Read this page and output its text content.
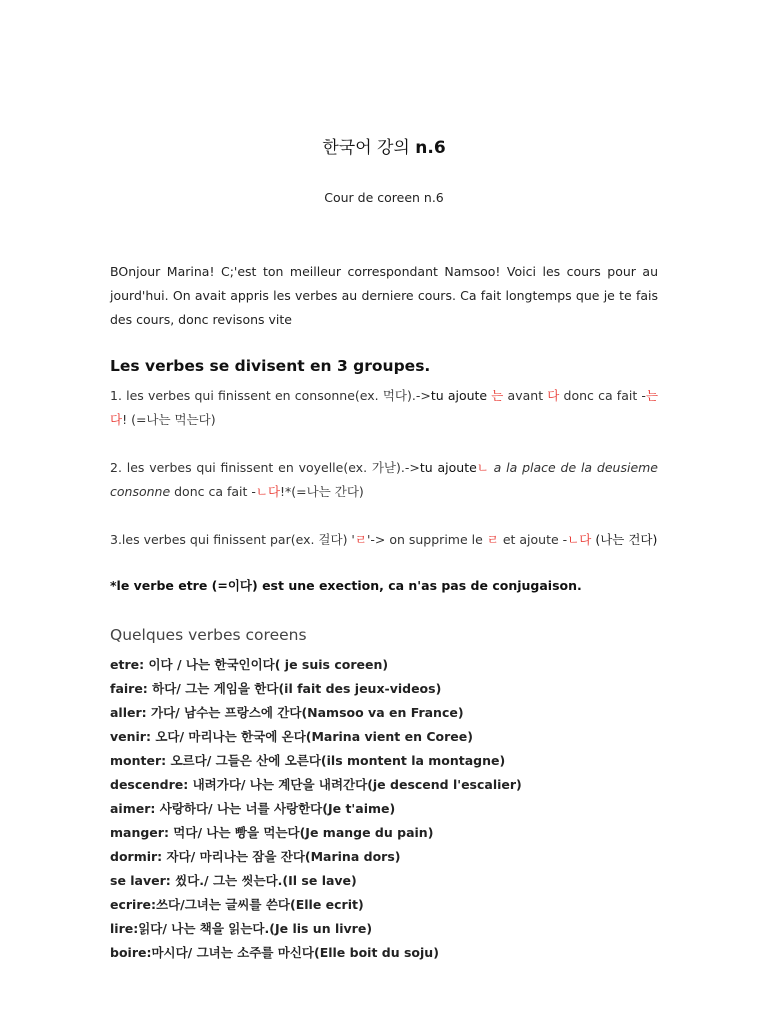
한국어 강의 n.6
Cour de coreen n.6
BOnjour Marina! C;'est ton meilleur correspondant Namsoo! Voici les cours pour au jourd'hui. On avait appris les verbes au derniere cours. Ca fait longtemps que je te fais des cours, donc revisons vite
Les verbes se divisent en 3 groupes.
1. les verbes qui finissent en consonne(ex. 먹다).->tu ajoute 는 avant 다 donc ca fait -는다! (=나는 먹는다)
2. les verbes qui finissent en voyelle(ex. 가낟).->tu ajouteㄴ a la place de la deusieme consonne donc ca fait -ㄴ다!*(=나는 간다)
3.les verbes qui finissent par(ex. 걸다) 'ㄹ'-> on supprime le ㄹ et ajoute -ㄴ다 (나는 건다)
*le verbe etre (=이다) est une exection, ca n'as pas de conjugaison.
Quelques verbes coreens
etre: 이다 / 나는 한국인이다( je suis coreen)
faire: 하다/ 그는 게임을 한다(il fait des jeux-videos)
aller: 가다/ 남수는 프랑스에 간다(Namsoo va en France)
venir: 오다/ 마리나는 한국에 온다(Marina vient en Coree)
monter: 오르다/ 그들은 산에 오른다(ils montent la montagne)
descendre: 내려가다/ 나는 계단을 내려간다(je descend l'escalier)
aimer: 사랑하다/ 나는 너를 사랑한다(Je t'aime)
manger: 먹다/ 나는 빵을 먹는다(Je mange du pain)
dormir: 자다/ 마리나는 잠을 잔다(Marina dors)
se laver: 씼다./ 그는 씻는다.(Il se lave)
ecrire:쓰다/그녀는 글씨를 쓴다(Elle ecrit)
lire:읽다/ 나는 책을 읽는다.(Je lis un livre)
boire:마시다/ 그녀는 소주를 마신다(Elle boit du soju)
